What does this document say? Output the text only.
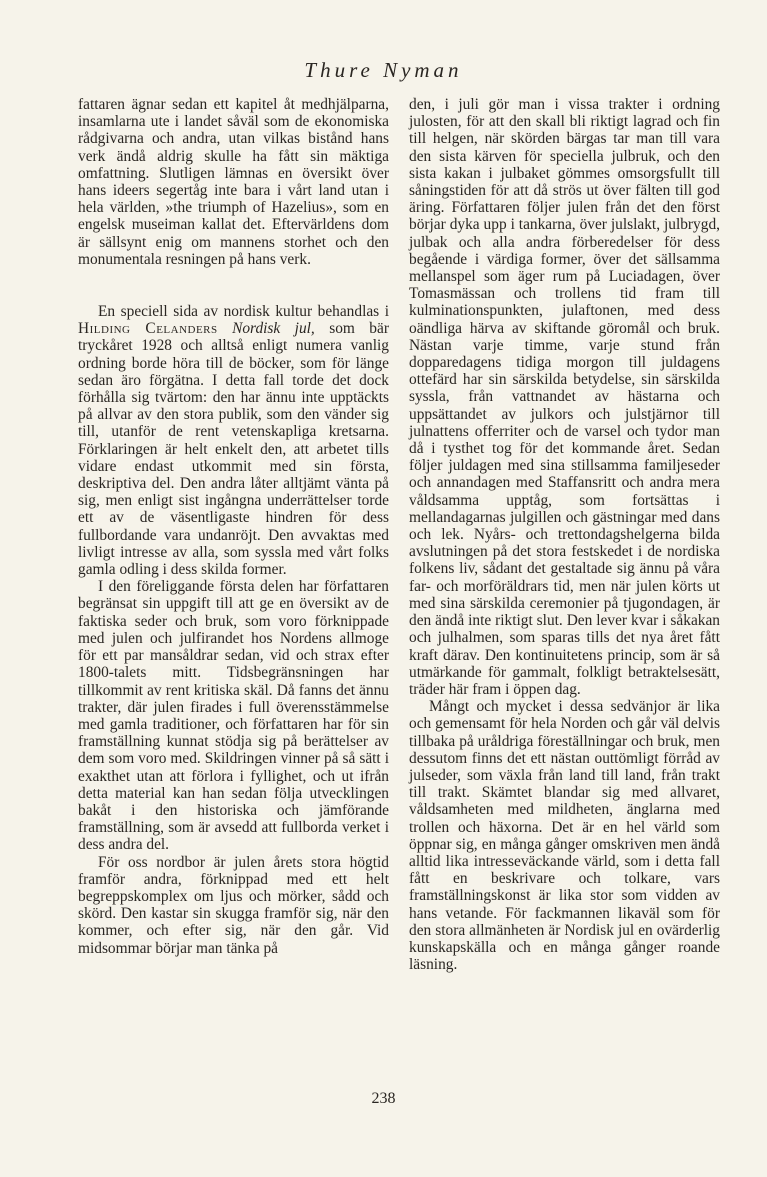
Thure Nyman

fattaren ägnar sedan ett kapitel åt medhjälparna, insamlarna ute i landet såväl som de ekonomiska rådgivarna och andra, utan vilkas bistånd hans verk ändå aldrig skulle ha fått sin mäktiga omfattning. Slutligen lämnas en översikt över hans ideers segertåg inte bara i vårt land utan i hela världen, »the triumph of Hazelius», som en engelsk museiman kallat det. Eftervärldens dom är sällsynt enig om mannens storhet och den monumentala resningen på hans verk.

En speciell sida av nordisk kultur behandlas i Hilding Celanders Nordisk jul, som bär tryckåret 1928 och alltså enligt numera vanlig ordning borde höra till de böcker, som för länge sedan äro förgätna. I detta fall torde det dock förhålla sig tvärtom: den har ännu inte upptäckts på allvar av den stora publik, som den vänder sig till, utanför de rent vetenskapliga kretsarna. Förklaringen är helt enkelt den, att arbetet tills vidare endast utkommit med sin första, deskriptiva del. Den andra låter alltjämt vänta på sig, men enligt sist ingångna underrättelser torde ett av de väsentligaste hindren för dess fullbordande vara undanröjt. Den avvaktas med livligt intresse av alla, som syssla med vårt folks gamla odling i dess skilda former.

I den föreliggande första delen har författaren begränsat sin uppgift till att ge en översikt av de faktiska seder och bruk, som voro förknippade med julen och julfirandet hos Nordens allmoge för ett par mansåldrar sedan, vid och strax efter 1800-talets mitt. Tidsbegränsningen har tillkommit av rent kritiska skäl. Då fanns det ännu trakter, där julen firades i full överensstämmelse med gamla traditioner, och författaren har för sin framställning kunnat stödja sig på berättelser av dem som voro med. Skildringen vinner på så sätt i exakthet utan att förlora i fyllighet, och ut ifrån detta material kan han sedan följa utvecklingen bakåt i den historiska och jämförande framställning, som är avsedd att fullborda verket i dess andra del.

För oss nordbor är julen årets stora högtid framför andra, förknippad med ett helt begreppskomplex om ljus och mörker, sådd och skörd. Den kastar sin skugga framför sig, när den kommer, och efter sig, när den går. Vid midsommar börjar man tänka på

den, i juli gör man i vissa trakter i ordning julosten, för att den skall bli riktigt lagrad och fin till helgen, när skörden bärgas tar man till vara den sista kärven för speciella julbruk, och den sista kakan i julbaket gömmes omsorgsfullt till såningstiden för att då strös ut över fälten till god äring. Författaren följer julen från det den först börjar dyka upp i tankarna, över julslakt, julbrygd, julbak och alla andra förberedelser för dess begående i värdiga former, över det sällsamma mellanspel som äger rum på Luciadagen, över Tomasmässan och trollens tid fram till kulminationspunkten, julaftonen, med dess oändliga härva av skiftande göromål och bruk. Nästan varje timme, varje stund från dopparedagens tidiga morgon till juldagens ottefärd har sin särskilda betydelse, sin särskilda syssla, från vattnandet av hästarna och uppsättandet av julkors och julstjärnor till julnattens offerriter och de varsel och tydor man då i tysthet tog för det kommande året. Sedan följer juldagen med sina stillsamma familjeseder och annandagen med Staffansritt och andra mera våldsamma upptåg, som fortsättas i mellandagarnas julgillen och gästningar med dans och lek. Nyårs- och trettondagshelgerna bilda avslutningen på det stora festskedet i de nordiska folkens liv, sådant det gestaltade sig ännu på våra far- och morföräldrars tid, men när julen körts ut med sina särskilda ceremonier på tjugondagen, är den ändå inte riktigt slut. Den lever kvar i såkakan och julhalmen, som sparas tills det nya året fått kraft därav. Den kontinuitetens princip, som är så utmärkande för gammalt, folkligt betraktelsesätt, träder här fram i öppen dag.

Mångt och mycket i dessa sedvänjor är lika och gemensamt för hela Norden och går väl delvis tillbaka på uråldriga föreställningar och bruk, men dessutom finns det ett nästan outtömligt förråd av julseder, som växla från land till land, från trakt till trakt. Skämtet blandar sig med allvaret, våldsamheten med mildheten, änglarna med trollen och häxorna. Det är en hel värld som öppnar sig, en många gånger omskriven men ändå alltid lika intresseväckande värld, som i detta fall fått en beskrivare och tolkare, vars framställningskonst är lika stor som vidden av hans vetande. För fackmannen likaväl som för den stora allmänheten är Nordisk jul en ovärderlig kunskapskälla och en många gånger roande läsning.

238
